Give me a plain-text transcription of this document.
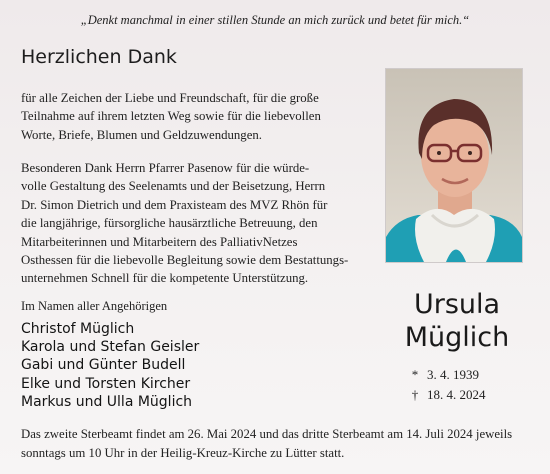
„Denkt manchmal in einer stillen Stunde an mich zurück und betet für mich.“
Herzlichen Dank
für alle Zeichen der Liebe und Freundschaft, für die große
Teilnahme auf ihrem letzten Weg sowie für die liebevollen
Worte, Briefe, Blumen und Geldzuwendungen.
Besonderen Dank Herrn Pfarrer Pasenow für die würde-
volle Gestaltung des Seelenamts und der Beisetzung, Herrn
Dr. Simon Dietrich und dem Praxisteam des MVZ Rhön für
die langjährige, fürsorgliche hausärztliche Betreuung, den
Mitarbeiterinnen und Mitarbeitern des PalliativNetzes
Osthessen für die liebevolle Begleitung sowie dem Bestattungs-
unternehmen Schnell für die kompetente Unterstützung.
Im Namen aller Angehörigen
Christof Müglich
Karola und Stefan Geisler
Gabi und Günter Budell
Elke und Torsten Kircher
Markus und Ulla Müglich
Ursula
Müglich
* 3. 4. 1939
† 18. 4. 2024
Das zweite Sterbeamt findet am 26. Mai 2024 und das dritte Sterbeamt am 14. Juli 2024 jeweils
sonntags um 10 Uhr in der Heilig-Kreuz-Kirche zu Lütter statt.
